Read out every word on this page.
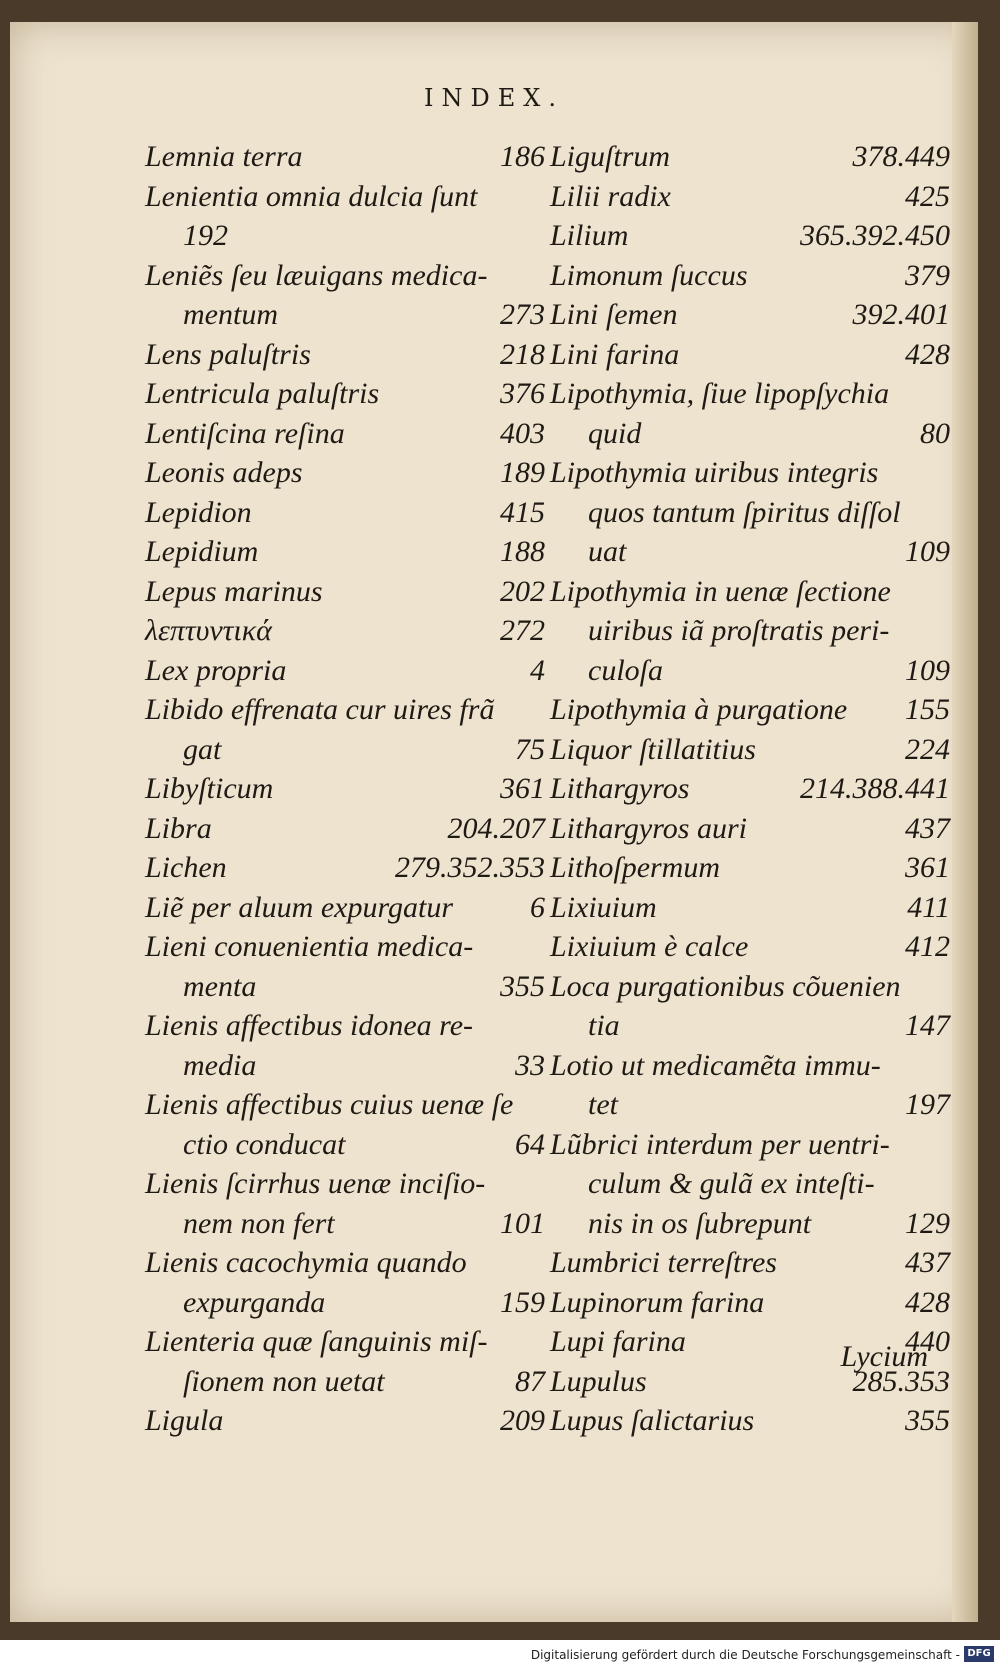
INDEX.
Lemnia terra	186
Lenientia omnia dulcia ſunt
192
Leniẽs ſeu læuigans medica-
mentum	273
Lens paluſtris	218
Lentricula paluſtris	376
Lentiſcina reſina	403
Leonis adeps	189
Lepidion	415
Lepidium	188
Lepus marinus	202
λεπτυντικά	272
Lex propria	4
Libido effrenata cur uires frã
gat	75
Libyſticum	361
Libra	204.207
Lichen	279.352.353
Liẽ per aluum expurgatur	6
Lieni conuenientia medica-
menta	355
Lienis affectibus idonea re-
media	33
Lienis affectibus cuius uenæ ſe
ctio conducat	64
Lienis ſcirrhus uenæ inciſio-
nem non fert	101
Lienis cacochymia quando
expurganda	159
Lienteria quæ ſanguinis miſ-
ſionem non uetat	87
Ligula	209
Liguſtrum	378.449
Lilii radix	425
Lilium	365.392.450
Limonum ſuccus	379
Lini ſemen	392.401
Lini farina	428
Lipothymia, ſiue lipopſychia
quid	80
Lipothymia uiribus integris
quos tantum ſpiritus diſſol
uat	109
Lipothymia in uenæ ſectione
uiribus iã proſtratis peri-
culoſa	109
Lipothymia à purgatione 155
Liquor ſtillatitius	224
Lithargyros	214.388.441
Lithargyros auri	437
Lithoſpermum	361
Lixiuium	411
Lixiuium è calce	412
Loca purgationibus cõuenien
tia	147
Lotio ut medicamẽta immu-
tet	197
Lũbrici interdum per uentri-
culum & gulã ex inteſti-
nis in os ſubrepunt	129
Lumbrici terreſtres	437
Lupinorum farina	428
Lupi farina	440
Lupulus	285.353
Lupus ſalictarius	355
Lycium
Digitalisierung gefördert durch die Deutsche Forschungsgemeinschaft - DFG
